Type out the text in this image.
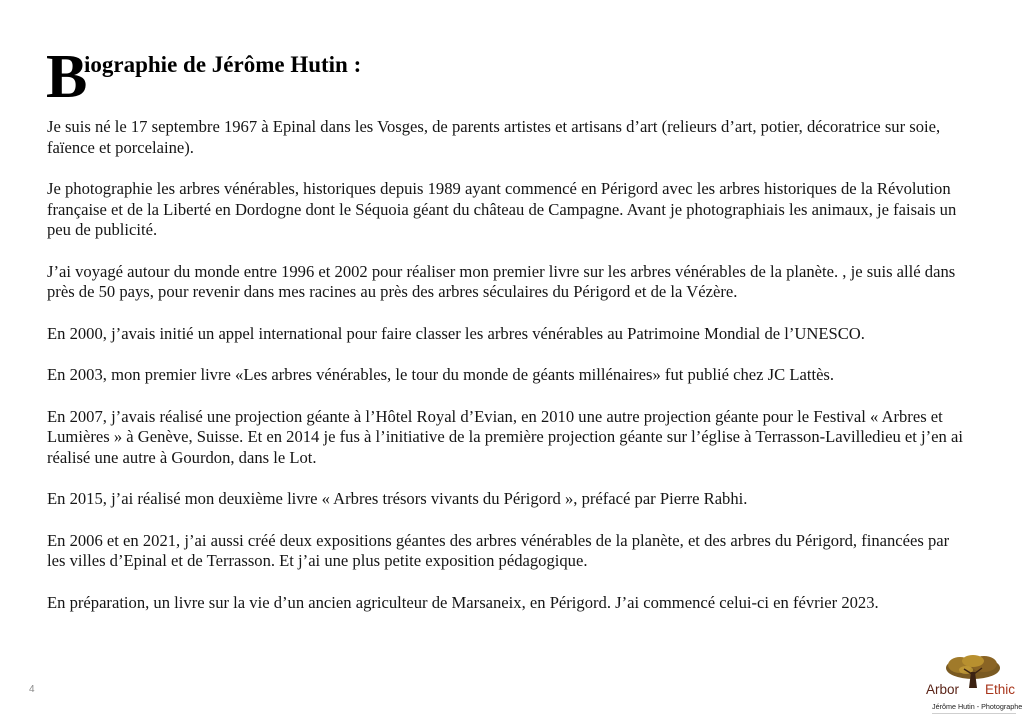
B
iographie de Jérôme Hutin :

Je suis né le 17 septembre 1967 à Epinal dans les Vosges, de parents artistes et artisans d’art (relieurs d’art, potier, décoratrice sur soie, faïence et porcelaine).

Je photographie les arbres vénérables, historiques depuis 1989 ayant commencé en Périgord avec les arbres historiques de la Révolution française et de la Liberté en Dordogne dont le Séquoia géant du château de Campagne. Avant je photographiais les animaux, je faisais un peu de publicité.

J’ai voyagé autour du monde entre 1996 et 2002 pour réaliser mon premier livre sur les arbres vénérables de la planète. , je suis allé dans près de 50 pays, pour revenir dans mes racines au près des arbres séculaires du Périgord et de la Vézère.

En 2000, j’avais initié un appel international pour faire classer les arbres vénérables au Patrimoine Mondial de l’UNESCO.

En 2003, mon premier livre «Les arbres vénérables, le tour du monde de géants millénaires» fut publié chez JC Lattès.

En 2007, j’avais réalisé une projection géante à l’Hôtel Royal d’Evian, en 2010 une autre projection géante pour le Festival « Arbres et Lumières » à Genève, Suisse. Et en 2014 je fus à l’initiative de la première projection géante sur l’église à Terrasson-Lavilledieu et j’en ai réalisé une autre à Gourdon, dans le Lot.

En 2015, j’ai réalisé mon deuxième livre « Arbres trésors vivants du Périgord », préfacé par Pierre Rabhi.

En 2006 et en 2021, j’ai aussi créé deux expositions géantes des arbres vénérables de la planète, et des arbres du Périgord, financées par les villes d’Epinal et de Terrasson. Et j’ai une plus petite exposition pédagogique.

En préparation, un livre sur la vie d’un ancien agriculteur de Marsaneix, en Périgord. J’ai commencé celui-ci en février 2023.

4	Arbor Ethic
Jérôme Hutin - Photographe
